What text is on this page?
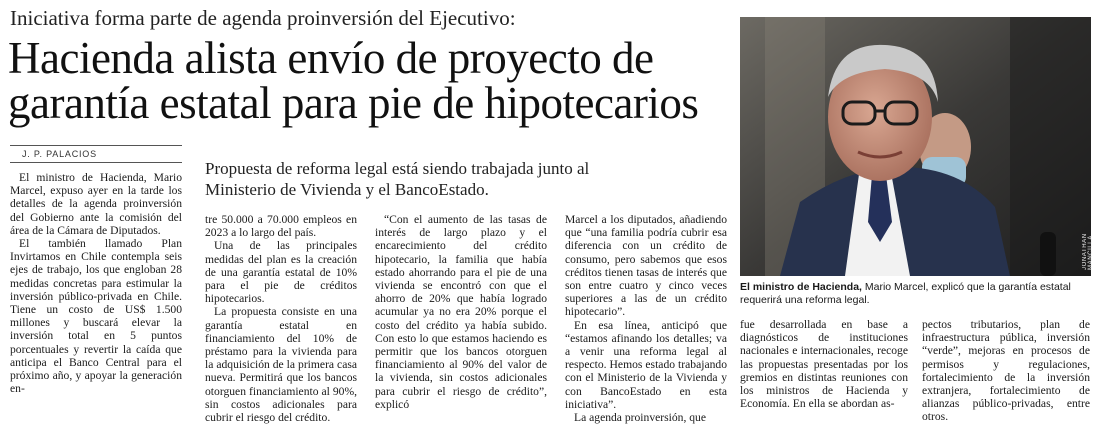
Iniciativa forma parte de agenda proinversión del Ejecutivo:
Hacienda alista envío de proyecto de
garantía estatal para pie de hipotecarios
J. P. PALACIOS
Propuesta de reforma legal está siendo trabajada junto al
Ministerio de Vivienda y el BancoEstado.

El ministro de Hacienda, Mario Marcel, expuso ayer en la tarde los detalles de la agenda proinversión del Gobierno ante la comisión del área de la Cámara de Diputados.

El también llamado Plan Invirtamos en Chile contempla seis ejes de trabajo, los que engloban 28 medidas concretas para estimular la inversión público-privada en Chile. Tiene un costo de US$ 1.500 millones y buscará elevar la inversión total en 5 puntos porcentuales y revertir la caída que anticipa el Banco Central para el próximo año, y apoyar la generación en-

tre 50.000 a 70.000 empleos en 2023 a lo largo del país.

Una de las principales medidas del plan es la creación de una garantía estatal de 10% para el pie de créditos hipotecarios.

La propuesta consiste en una garantía estatal en financiamiento del 10% de préstamo para la vivienda para la adquisición de la primera casa nueva. Permitirá que los bancos otorguen financiamiento al 90%, sin costos adicionales para cubrir el riesgo del crédito.

“Con el aumento de las tasas de interés de largo plazo y el encarecimiento del crédito hipotecario, la familia que había estado ahorrando para el pie de una vivienda se encontró con que el ahorro de 20% que había logrado acumular ya no era 20% porque el costo del crédito ya había subido. Con esto lo que estamos haciendo es permitir que los bancos otorguen financiamiento al 90% del valor de la vivienda, sin costos adicionales para cubrir el riesgo de crédito”, explicó

Marcel a los diputados, añadiendo que “una familia podría cubrir esa diferencia con un crédito de consumo, pero sabemos que esos créditos tienen tasas de interés que son entre cuatro y cinco veces superiores a las de un crédito hipotecario”.

En esa línea, anticipó que “estamos afinando los detalles; va a venir una reforma legal al respecto. Hemos estado trabajando con el Ministerio de la Vivienda y con BancoEstado en esta iniciativa”.

La agenda proinversión, que

fue desarrollada en base a diagnósticos de instituciones nacionales e internacionales, recoge las propuestas presentadas por los gremios en distintas reuniones con los ministros de Hacienda y Economía. En ella se abordan as-

pectos tributarios, plan de infraestructura pública, inversión “verde”, mejoras en procesos de permisos y regulaciones, fortalecimiento de la inversión extranjera, fortalecimiento de alianzas público-privadas, entre otros.

JONATHAN MANCILLA
El ministro de Hacienda, Mario Marcel, explicó que la garantía estatal requerirá una reforma legal.
